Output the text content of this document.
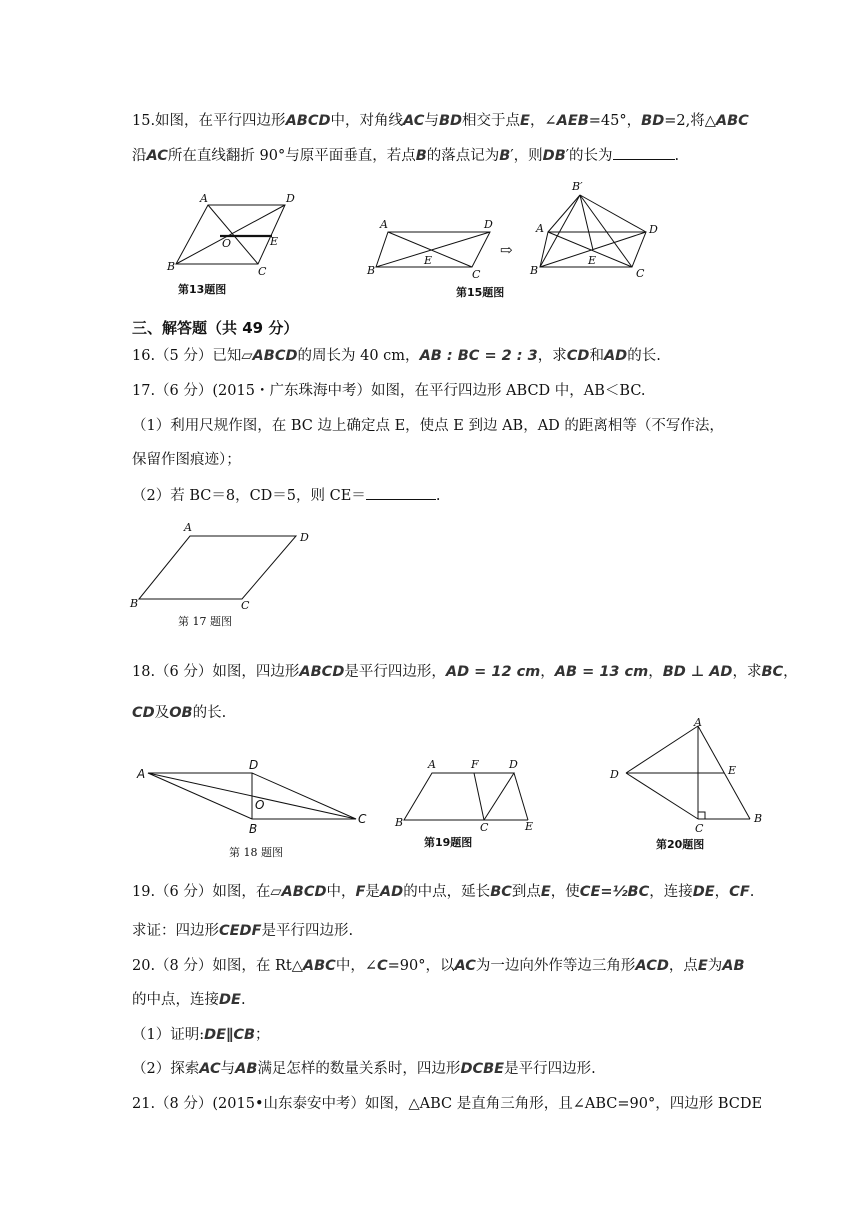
15.如图，在平行四边形ABCD中，对角线AC与BD相交于点E，∠AEB=45°，BD=2,将△ABC
沿AC所在直线翻折 90°与原平面垂直，若点B的落点记为B′，则DB′的长为	.
A	D
O	E
B	C
第13题图
A	D
E
B	C
⇨
B′
A	D
E
B	C
第15题图
三、解答题（共 49 分）
16.（5 分）已知▱ABCD的周长为 40 cm，AB : BC = 2 : 3，求CD和AD的长.
17.（6 分）(2015・广东珠海中考）如图，在平行四边形 ABCD 中，AB＜BC.
（1）利用尺规作图，在 BC 边上确定点 E，使点 E 到边 AB，AD 的距离相等（不写作法，
保留作图痕迹）；
（2）若 BC＝8，CD＝5，则 CE＝	.
A
D
B	C
第 17 题图
18.（6 分）如图，四边形ABCD是平行四边形，AD = 12 cm，AB = 13 cm，BD ⊥ AD，求BC，
CD及OB的长.
A
D
O
B
C
第 18 题图
A	F	D
B	C	E
第19题图
A
D	E
C
B
第20题图
19.（6 分）如图，在▱ABCD中，F是AD的中点，延长BC到点E，使CE=½BC，连接DE，CF.
求证：四边形CEDF是平行四边形.
20.（8 分）如图，在 Rt△ABC中，∠C=90°，以AC为一边向外作等边三角形ACD，点E为AB
的中点，连接DE.
（1）证明:DE∥CB；
（2）探索AC与AB满足怎样的数量关系时，四边形DCBE是平行四边形.
21.（8 分）(2015•山东泰安中考）如图，△ABC 是直角三角形，且∠ABC=90°，四边形 BCDE
